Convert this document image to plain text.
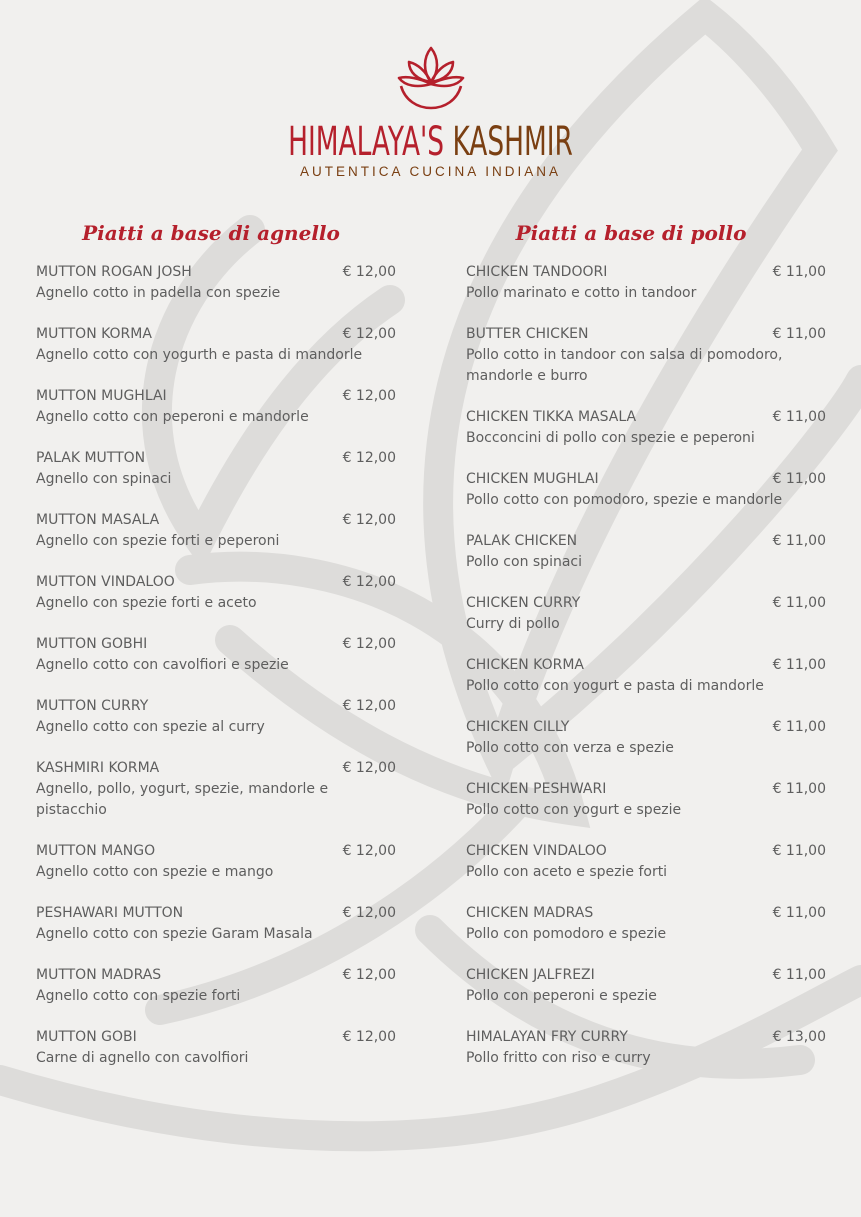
HIMALAYA'S KASHMIR
AUTENTICA CUCINA INDIANA
Piatti a base di agnello
MUTTON ROGAN JOSH	€ 12,00

Agnello cotto in padella con spezie

MUTTON KORMA	€ 12,00

Agnello cotto con yogurth e pasta di mandorle

MUTTON MUGHLAI	€ 12,00

Agnello cotto con peperoni e mandorle

PALAK MUTTON	€ 12,00

Agnello con spinaci

MUTTON MASALA	€ 12,00

Agnello con spezie forti e peperoni

MUTTON VINDALOO	€ 12,00

Agnello con spezie forti e aceto

MUTTON GOBHI	€ 12,00

Agnello cotto con cavolfiori e spezie

MUTTON CURRY	€ 12,00

Agnello cotto con spezie al curry

KASHMIRI KORMA	€ 12,00

Agnello, pollo, yogurt, spezie, mandorle e pistacchio

MUTTON MANGO	€ 12,00

Agnello cotto con spezie e mango

PESHAWARI MUTTON	€ 12,00

Agnello cotto con spezie Garam Masala

MUTTON MADRAS	€ 12,00

Agnello cotto con spezie forti

MUTTON GOBI	€ 12,00

Carne di agnello con cavolfiori

Piatti a base di pollo
CHICKEN TANDOORI	€ 11,00

Pollo marinato e cotto in tandoor

BUTTER CHICKEN	€ 11,00

Pollo cotto in tandoor con salsa di pomodoro, mandorle e burro

CHICKEN TIKKA MASALA	€ 11,00

Bocconcini di pollo con spezie e peperoni

CHICKEN MUGHLAI	€ 11,00

Pollo cotto con pomodoro, spezie e mandorle

PALAK CHICKEN	€ 11,00

Pollo con spinaci

CHICKEN CURRY	€ 11,00

Curry di pollo

CHICKEN KORMA	€ 11,00

Pollo cotto con yogurt e pasta di mandorle

CHICKEN CILLY	€ 11,00

Pollo cotto con verza e spezie

CHICKEN PESHWARI	€ 11,00

Pollo cotto con yogurt e spezie

CHICKEN VINDALOO	€ 11,00

Pollo con aceto e spezie forti

CHICKEN MADRAS	€ 11,00

Pollo con pomodoro e spezie

CHICKEN JALFREZI	€ 11,00

Pollo con peperoni e spezie

HIMALAYAN FRY CURRY	€ 13,00

Pollo fritto con riso e curry
